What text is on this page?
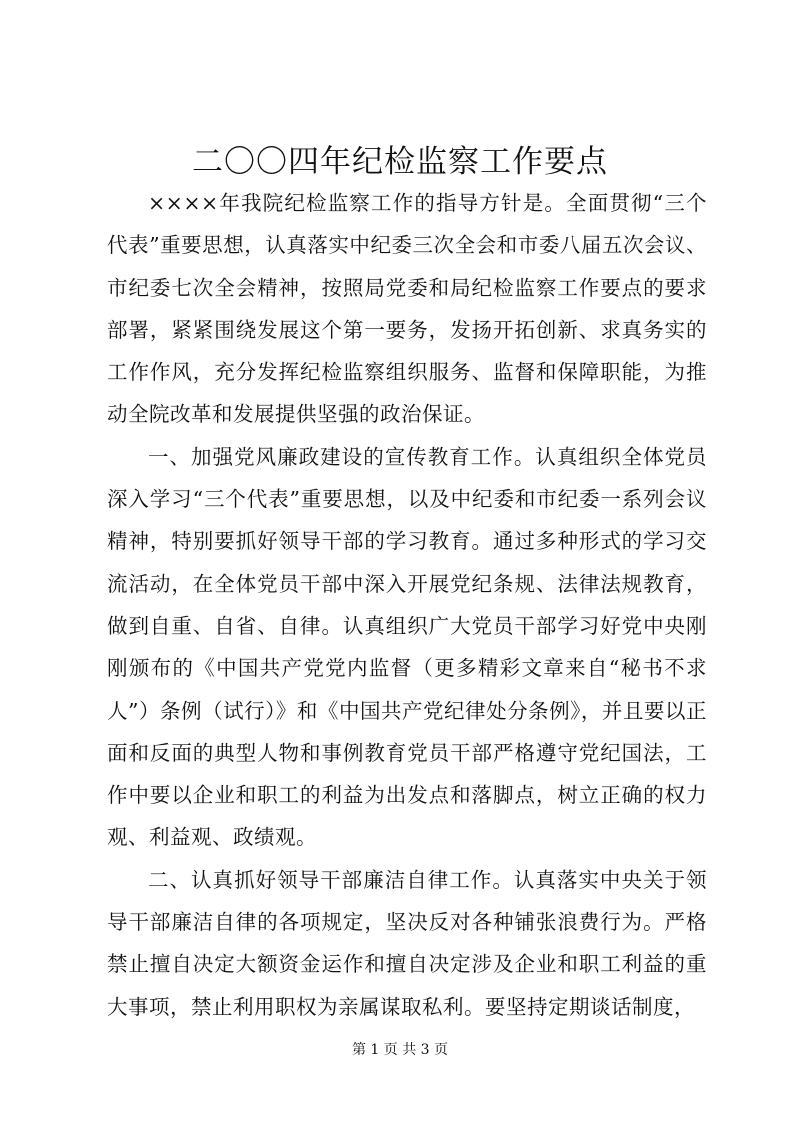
二〇〇四年纪检监察工作要点

××××年我院纪检监察工作的指导方针是。全面贯彻“三个代表”重要思想，认真落实中纪委三次全会和市委八届五次会议、市纪委七次全会精神，按照局党委和局纪检监察工作要点的要求部署，紧紧围绕发展这个第一要务，发扬开拓创新、求真务实的工作作风，充分发挥纪检监察组织服务、监督和保障职能，为推动全院改革和发展提供坚强的政治保证。

一、加强党风廉政建设的宣传教育工作。认真组织全体党员深入学习“三个代表”重要思想，以及中纪委和市纪委一系列会议精神，特别要抓好领导干部的学习教育。通过多种形式的学习交流活动，在全体党员干部中深入开展党纪条规、法律法规教育，做到自重、自省、自律。认真组织广大党员干部学习好党中央刚刚颁布的《中国共产党党内监督（更多精彩文章来自“秘书不求人”）条例（试行）》和《中国共产党纪律处分条例》，并且要以正面和反面的典型人物和事例教育党员干部严格遵守党纪国法，工作中要以企业和职工的利益为出发点和落脚点，树立正确的权力观、利益观、政绩观。

二、认真抓好领导干部廉洁自律工作。认真落实中央关于领导干部廉洁自律的各项规定，坚决反对各种铺张浪费行为。严格禁止擅自决定大额资金运作和擅自决定涉及企业和职工利益的重大事项，禁止利用职权为亲属谋取私利。要坚持定期谈话制度，

第 1 页 共 3 页
